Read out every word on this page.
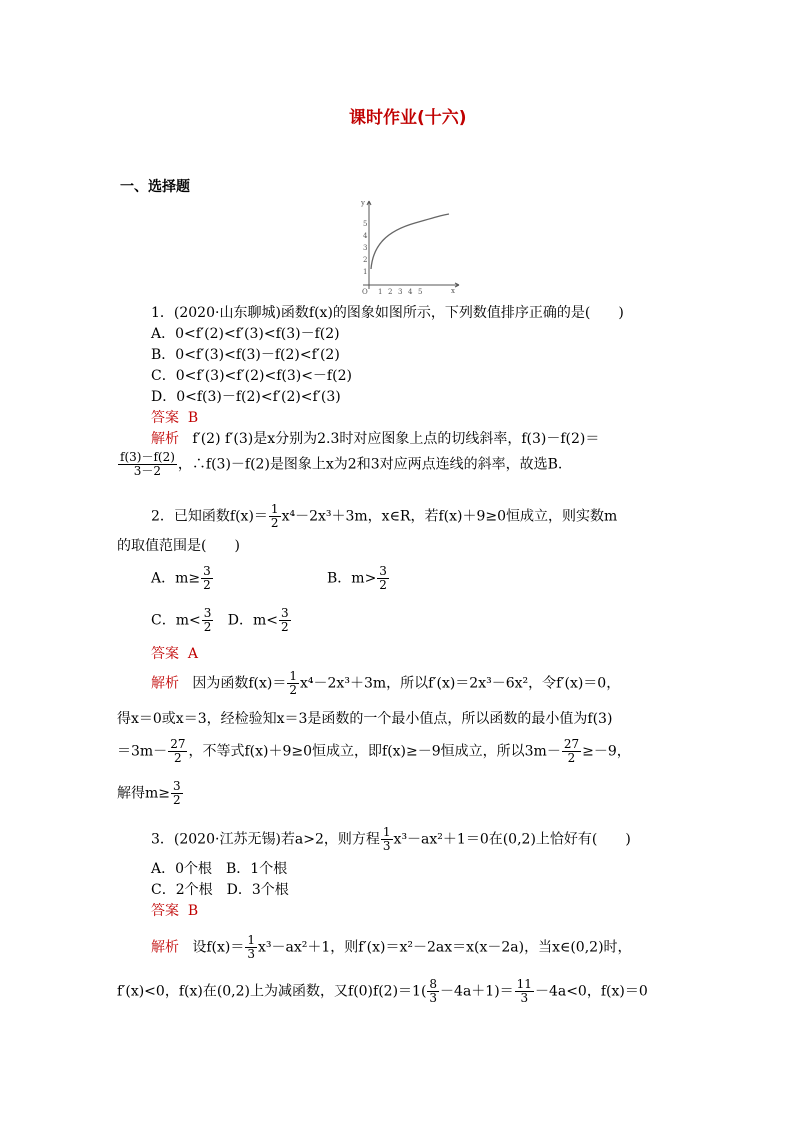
课时作业(十六)
一、选择题
y
x
O
1
2
3
4
5
1 2 3 4 5
1．(2020·山东聊城)函数f(x)的图象如图所示，下列数值排序正确的是(　　)
A．0<f′(2)<f′(3)<f(3)－f(2)
B．0<f′(3)<f(3)－f(2)<f′(2)
C．0<f′(3)<f′(2)<f(3)<－f(2)
D．0<f(3)－f(2)<f′(2)<f′(3)
答案 B
解析 f′(2) f′(3)是x分别为2.3时对应图象上点的切线斜率，f(3)－f(2)＝
$\frac{f(3)-f(2)}{3-2}$ ，∴f(3)－f(2)是图象上x为2和3对应两点连线的斜率，故选B.
2．已知函数$f(x)= \frac{1}{2} x^4-2x^3+3m$，x∈R，若f(x)＋9≥0恒成立，则实数m
的取值范围是(　　)
A．$m\ge \frac{3}{2}$	B．$m> \frac{3}{2}$
C．$m< \frac{3}{2}$ D．$m< \frac{3}{2}$
答案 A
解析 因为函数$f(x)= \frac{1}{2} x^4-2x^3+3m$，所以f′(x)＝2x³－6x²，令f′(x)＝0，
得x＝0或x＝3，经检验知x＝3是函数的一个最小值点，所以函数的最小值为f(3)
$=3m- \frac{27}{2}$ ，不等式f(x)＋9≥0恒成立，即f(x)≥－9恒成立，所以$3m- \frac{27}{2} \ge-9$，
解得$m\ge \frac{3}{2}$
3．(2020·江苏无锡)若a>2，则方程 $\frac{1}{3} x^3-ax^2+1=0$在(0,2)上恰好有(　　)
A．0个根　B．1个根
C．2个根　D．3个根
答案 B
解析 设$f(x)= \frac{1}{3} x^3-ax^2+1$，则f′(x)＝x²－2ax＝x(x－2a)，当x∈(0,2)时，
f′(x)<0，f(x)在(0,2)上为减函数，又$f(0)f(2)=1( \frac{8}{3} -4a+1)= \frac{11}{3} -4a<0$，f(x)＝0
